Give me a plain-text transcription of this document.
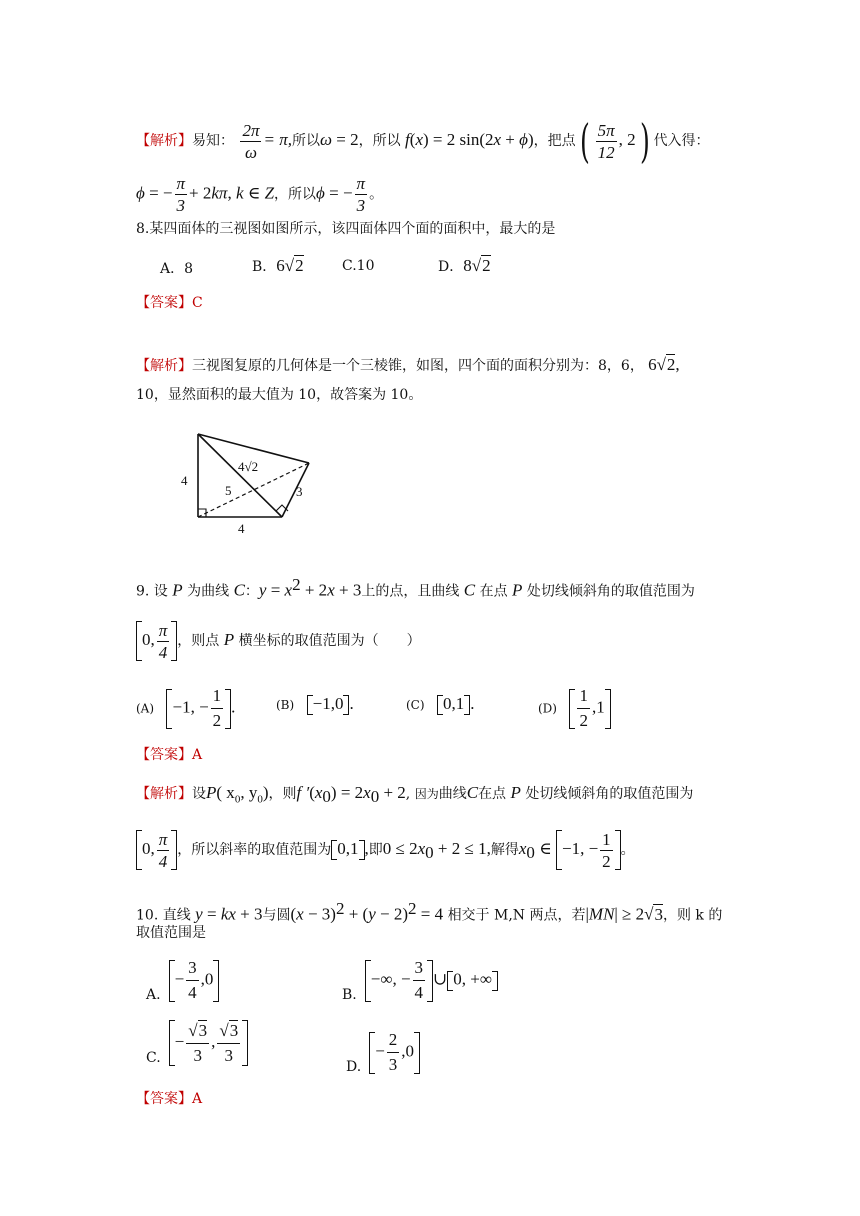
【解析】易知： $\frac{2\pi}{\omega} = \pi$,所以ω = 2，所以 f(x) = 2 sin(2x + ϕ)，把点( $\frac{5\pi}{12}$ , 2) 代入得：
ϕ = − $\frac{\pi}{3} + 2k\pi$, k ∈ Z，所以ϕ = − $\frac{\pi}{3}$ 。
8.某四面体的三视图如图所示，该四面体四个面的面积中，最大的是
A．8	B．6√2	C.10	D．8√2
【答案】C
【解析】三视图复原的几何体是一个三棱锥，如图，四个面的面积分别为：8，6， 6√2,
10，显然面积的最大值为 10，故答案为 10。
4√2
5
4
3
4
9. 设 P 为曲线 C：$y = x^2 + 2x + 3$上的点，且曲线 C 在点 P 处切线倾斜角的取值范围为
0, $\frac{\pi}{4}$ ，则点 P 横坐标的取值范围为（　　）
(A) −1, − $\frac{1}{2}$ .	(B) −1,0 .	(C) 0,1 .	$(D) \frac{1}{2} ,1$
【答案】A
【解析】设P( $x_0$, $y_0$)，则f $'(x_0) = 2x_0 + 2$, 因为曲线C在点 P 处切线倾斜角的取值范围为
0, $\frac{\pi}{4}$ ，所以斜率的取值范围为 0,1 ,即$0 \le 2x_0 + 2 \le 1$,解得$x_0$ ∈ −1, − $\frac{1}{2}$ 。
10. 直线 y = kx + 3与圆$(x - 3)^2 + (y - 2)^2 = 4$ 相交于 M,N 两点，若|MN| ≥ 2√3，则 k 的
取值范围是
$A.- \frac{3}{4} ,0$
B.−∞, − $\frac{3}{4}$ ∪ 0, +∞
$C.- \frac{√3}{3}$ , $\frac{√3}{3}$
$D.- \frac{2}{3} ,0$
【答案】A
